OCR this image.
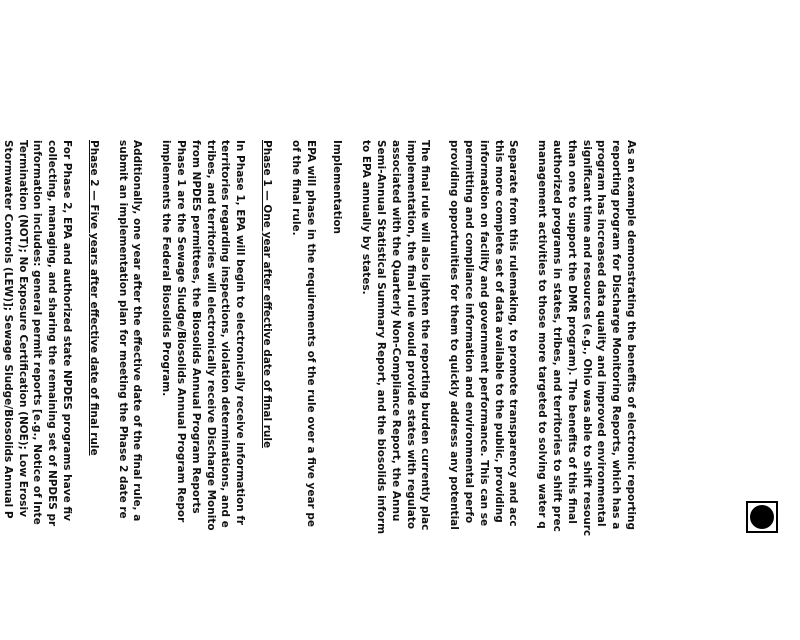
As an example demonstrating the benefits of electronic reporting
reporting program for Discharge Monitoring Reports, which has a
program has increased data quality and improved environmental
significant time and resources (e.g., Ohio was able to shift resourc
than one to support the DMR program). The benefits of this final
authorized programs in states, tribes, and territories to shift prec
management activities to those more targeted to solving water q
Separate from this rulemaking, to promote transparency and acc
this more complete set of data available to the public, providing
information on facility and government performance. This can se
permitting and compliance information and environmental perfo
providing opportunities for them to quickly address any potential
The final rule will also lighten the reporting burden currently plac
implementation, the final rule would provide states with regulato
associated with the Quarterly Non-Compliance Report, the Annu
Semi-Annual Statistical Summary Report, and the biosolids inform
to EPA annually by states.
Implementation
EPA will phase in the requirements of the rule over a five year pe
of the final rule.
Phase 1 — One year after effective date of final rule
In Phase 1, EPA will begin to electronically receive information fr
territories regarding inspections, violation determinations, and e
tribes, and territories will electronically receive Discharge Monito
from NPDES permittees, the Biosolids Annual Program Reports
Phase 1 are the Sewage Sludge/Biosolids Annual Program Repor
implements the Federal Biosolids Program.
Additionally, one year after the effective date of the final rule, a
submit an implementation plan for meeting the Phase 2 date re
Phase 2 — Five years after effective date of final rule
For Phase 2, EPA and authorized state NPDES programs have fiv
collecting, managing, and sharing the remaining set of NPDES pr
information includes: general permit reports [e.g., Notice of Inte
Termination (NOT); No Exposure Certification (NOE); Low Erosiv
Stormwater Controls (LEW)]; Sewage Sludge/Biosolids Annual P
